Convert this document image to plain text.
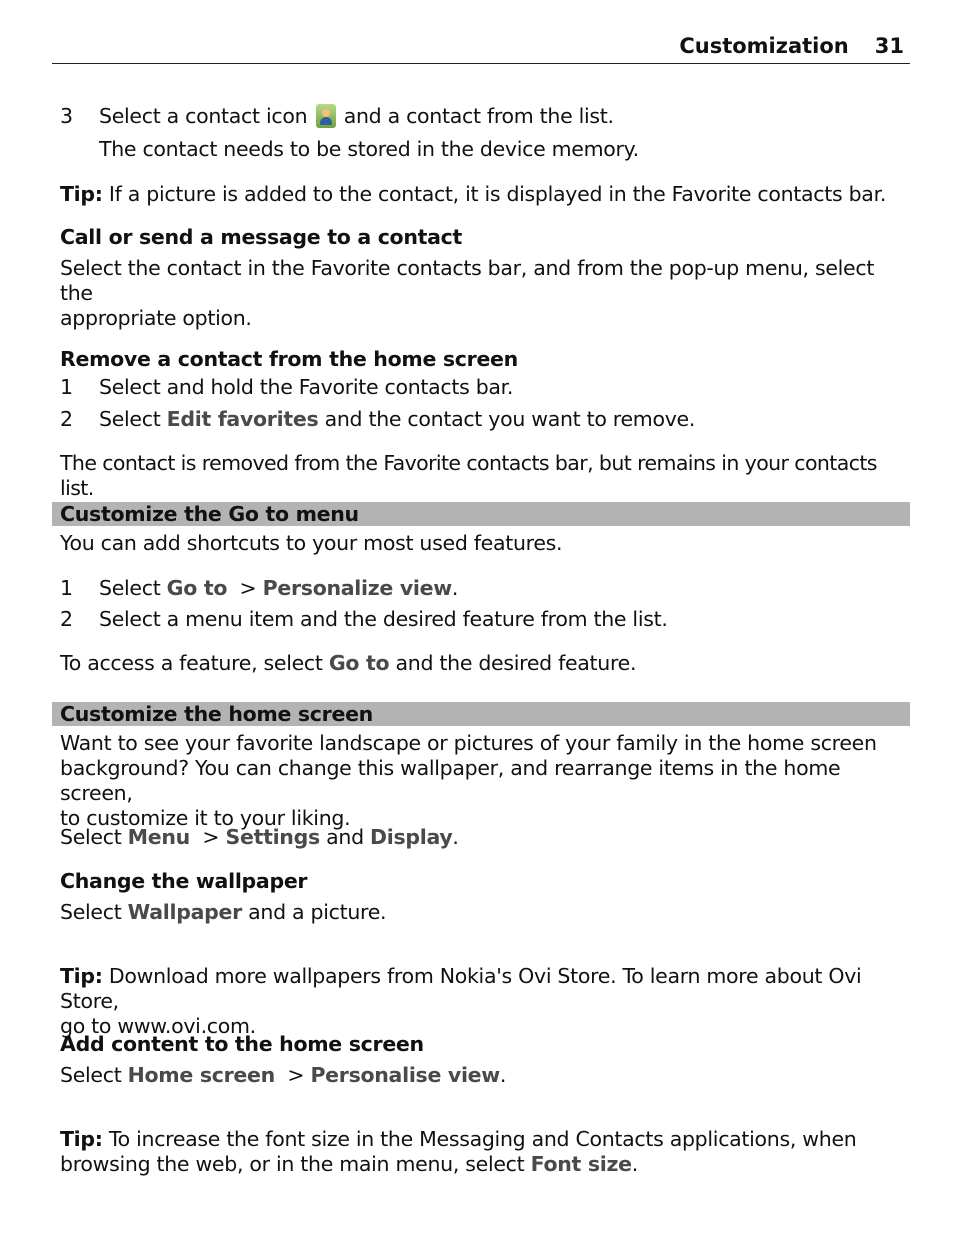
Customization 31
3 Select a contact icon and a contact from the list.
The contact needs to be stored in the device memory.
Tip: If a picture is added to the contact, it is displayed in the Favorite contacts bar.
Call or send a message to a contact
Select the contact in the Favorite contacts bar, and from the pop-up menu, select the
appropriate option.
Remove a contact from the home screen
1 Select and hold the Favorite contacts bar.
2 Select Edit favorites and the contact you want to remove.
The contact is removed from the Favorite contacts bar, but remains in your contacts list.
Customize the Go to menu
You can add shortcuts to your most used features.
1 Select Go to > Personalize view.
2 Select a menu item and the desired feature from the list.
To access a feature, select Go to and the desired feature.
Customize the home screen
Want to see your favorite landscape or pictures of your family in the home screen
background? You can change this wallpaper, and rearrange items in the home screen,
to customize it to your liking.
Select Menu > Settings and Display.
Change the wallpaper
Select Wallpaper and a picture.
Tip: Download more wallpapers from Nokia's Ovi Store. To learn more about Ovi Store,
go to www.ovi.com.
Add content to the home screen
Select Home screen > Personalise view.
Tip: To increase the font size in the Messaging and Contacts applications, when
browsing the web, or in the main menu, select Font size.
